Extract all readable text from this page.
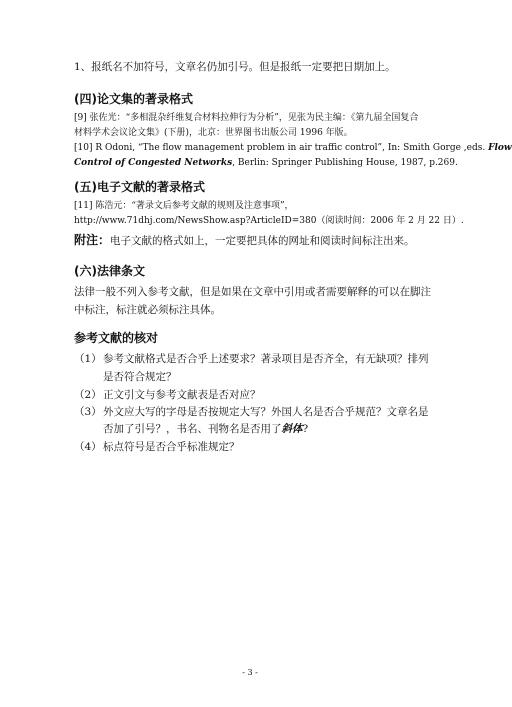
1、报纸名不加符号，文章名仍加引号。但是报纸一定要把日期加上。
(四)论文集的著录格式
[9] 张佐光：“多相混杂纤维复合材料拉伸行为分析”，见张为民主编：《第九届全国复合
材料学术会议论文集》(下册)，北京：世界图书出版公司 1996 年版。
[10] R Odoni, “The flow management problem in air traffic control”, In: Smith Gorge ,eds. Flow
Control of Congested Networks, Berlin: Springer Publishing House, 1987, p.269.
(五)电子文献的著录格式
[11] 陈浩元：“著录文后参考文献的规则及注意事项”，
http://www.71dhj.com/NewsShow.asp?ArticleID=380（阅读时间：2006 年 2 月 22 日）.
附注：电子文献的格式如上，一定要把具体的网址和阅读时间标注出来。
(六)法律条文
法律一般不列入参考文献，但是如果在文章中引用或者需要解释的可以在脚注
中标注，标注就必须标注具体。
参考文献的核对
（1） 参考文献格式是否合乎上述要求？著录项目是否齐全，有无缺项？排列
是否符合规定？
（2） 正文引文与参考文献表是否对应？
（3） 外文应大写的字母是否按规定大写？外国人名是否合乎规范？文章名是
否加了引号？，书名、刊物名是否用了斜体?
（4） 标点符号是否合乎标准规定？
- 3 -
